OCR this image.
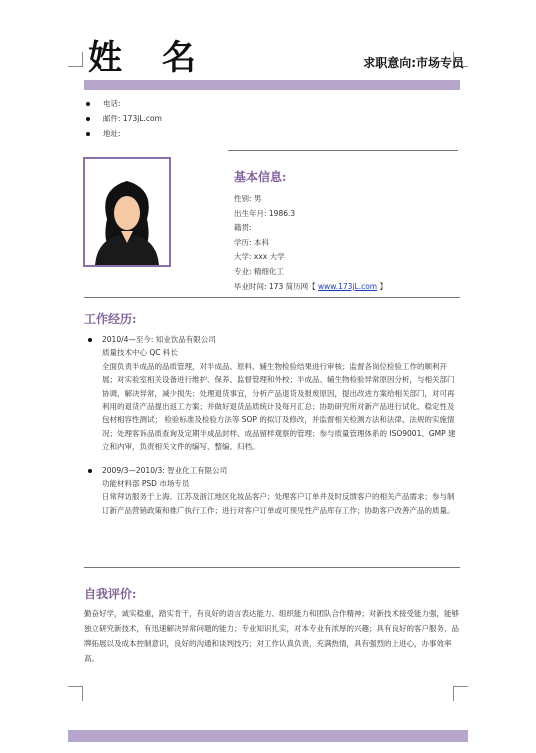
姓 名	求职意向:市场专员
电话:
邮件: 173jL.com
地址:
基本信息:
性别: 男
出生年月: 1986.3
籍贯:
学历: 本科
大学: xxx 大学
专业: 精细化工
毕业时间: 173 简历网【 www.173jL.com 】
工作经历:
2010/4—至今: 知业饮品有限公司
质量技术中心 QC 科长
全面负责半成品的品质管理，对半成品、原料、辅生物检验结果进行审核；监督各岗位检验工作的顺利开展；对实验室相关设备进行维护、保养、监督管理和外校；半成品、辅生物检验异常原因分析，与相关部门协调，解决异常，减少损失；处理退货事宜，分析产品退货及报废原因，提出改进方案给相关部门，对可再利用的退货产品提出返工方案；并做好退货品质统计及每月汇总；协助研究所对新产品进行试化、稳定性及包材相容性测试； 检验标准及检验方法等 SOP 的拟订及修改，并监督相关检测方法和法律、法规的实施情况；处理客诉品质查询及定期半成品封样、成品留样观察的管理；参与质量管理体系的 ISO9001、GMP 建立和内审，负责相关文件的编写、整编、归档。
2009/3—2010/3: 智业化工有限公司
功能材料部 PSD 市场专员
日常拜访服务于上海、江苏及浙江地区化妆品客户；处理客户订单并及时反馈客户的相关产品需求；参与制订新产品营销政策和推广执行工作；进行对客户订单或可预见性产品库存工作；协助客户改善产品的质量。
自我评价:
勤奋好学，诚实稳重，踏实肯干，有良好的语言表达能力、组织能力和团队合作精神；对新技术接受能力强，能够独立研究新技术，有迅速解决异常问题的能力；专业知识扎实，对本专业有浓厚的兴趣；具有良好的客户服务、品牌拓展以及成本控制意识，良好的沟通和谈判技巧；对工作认真负责，充满热情，具有强烈的上进心，办事效率高。
